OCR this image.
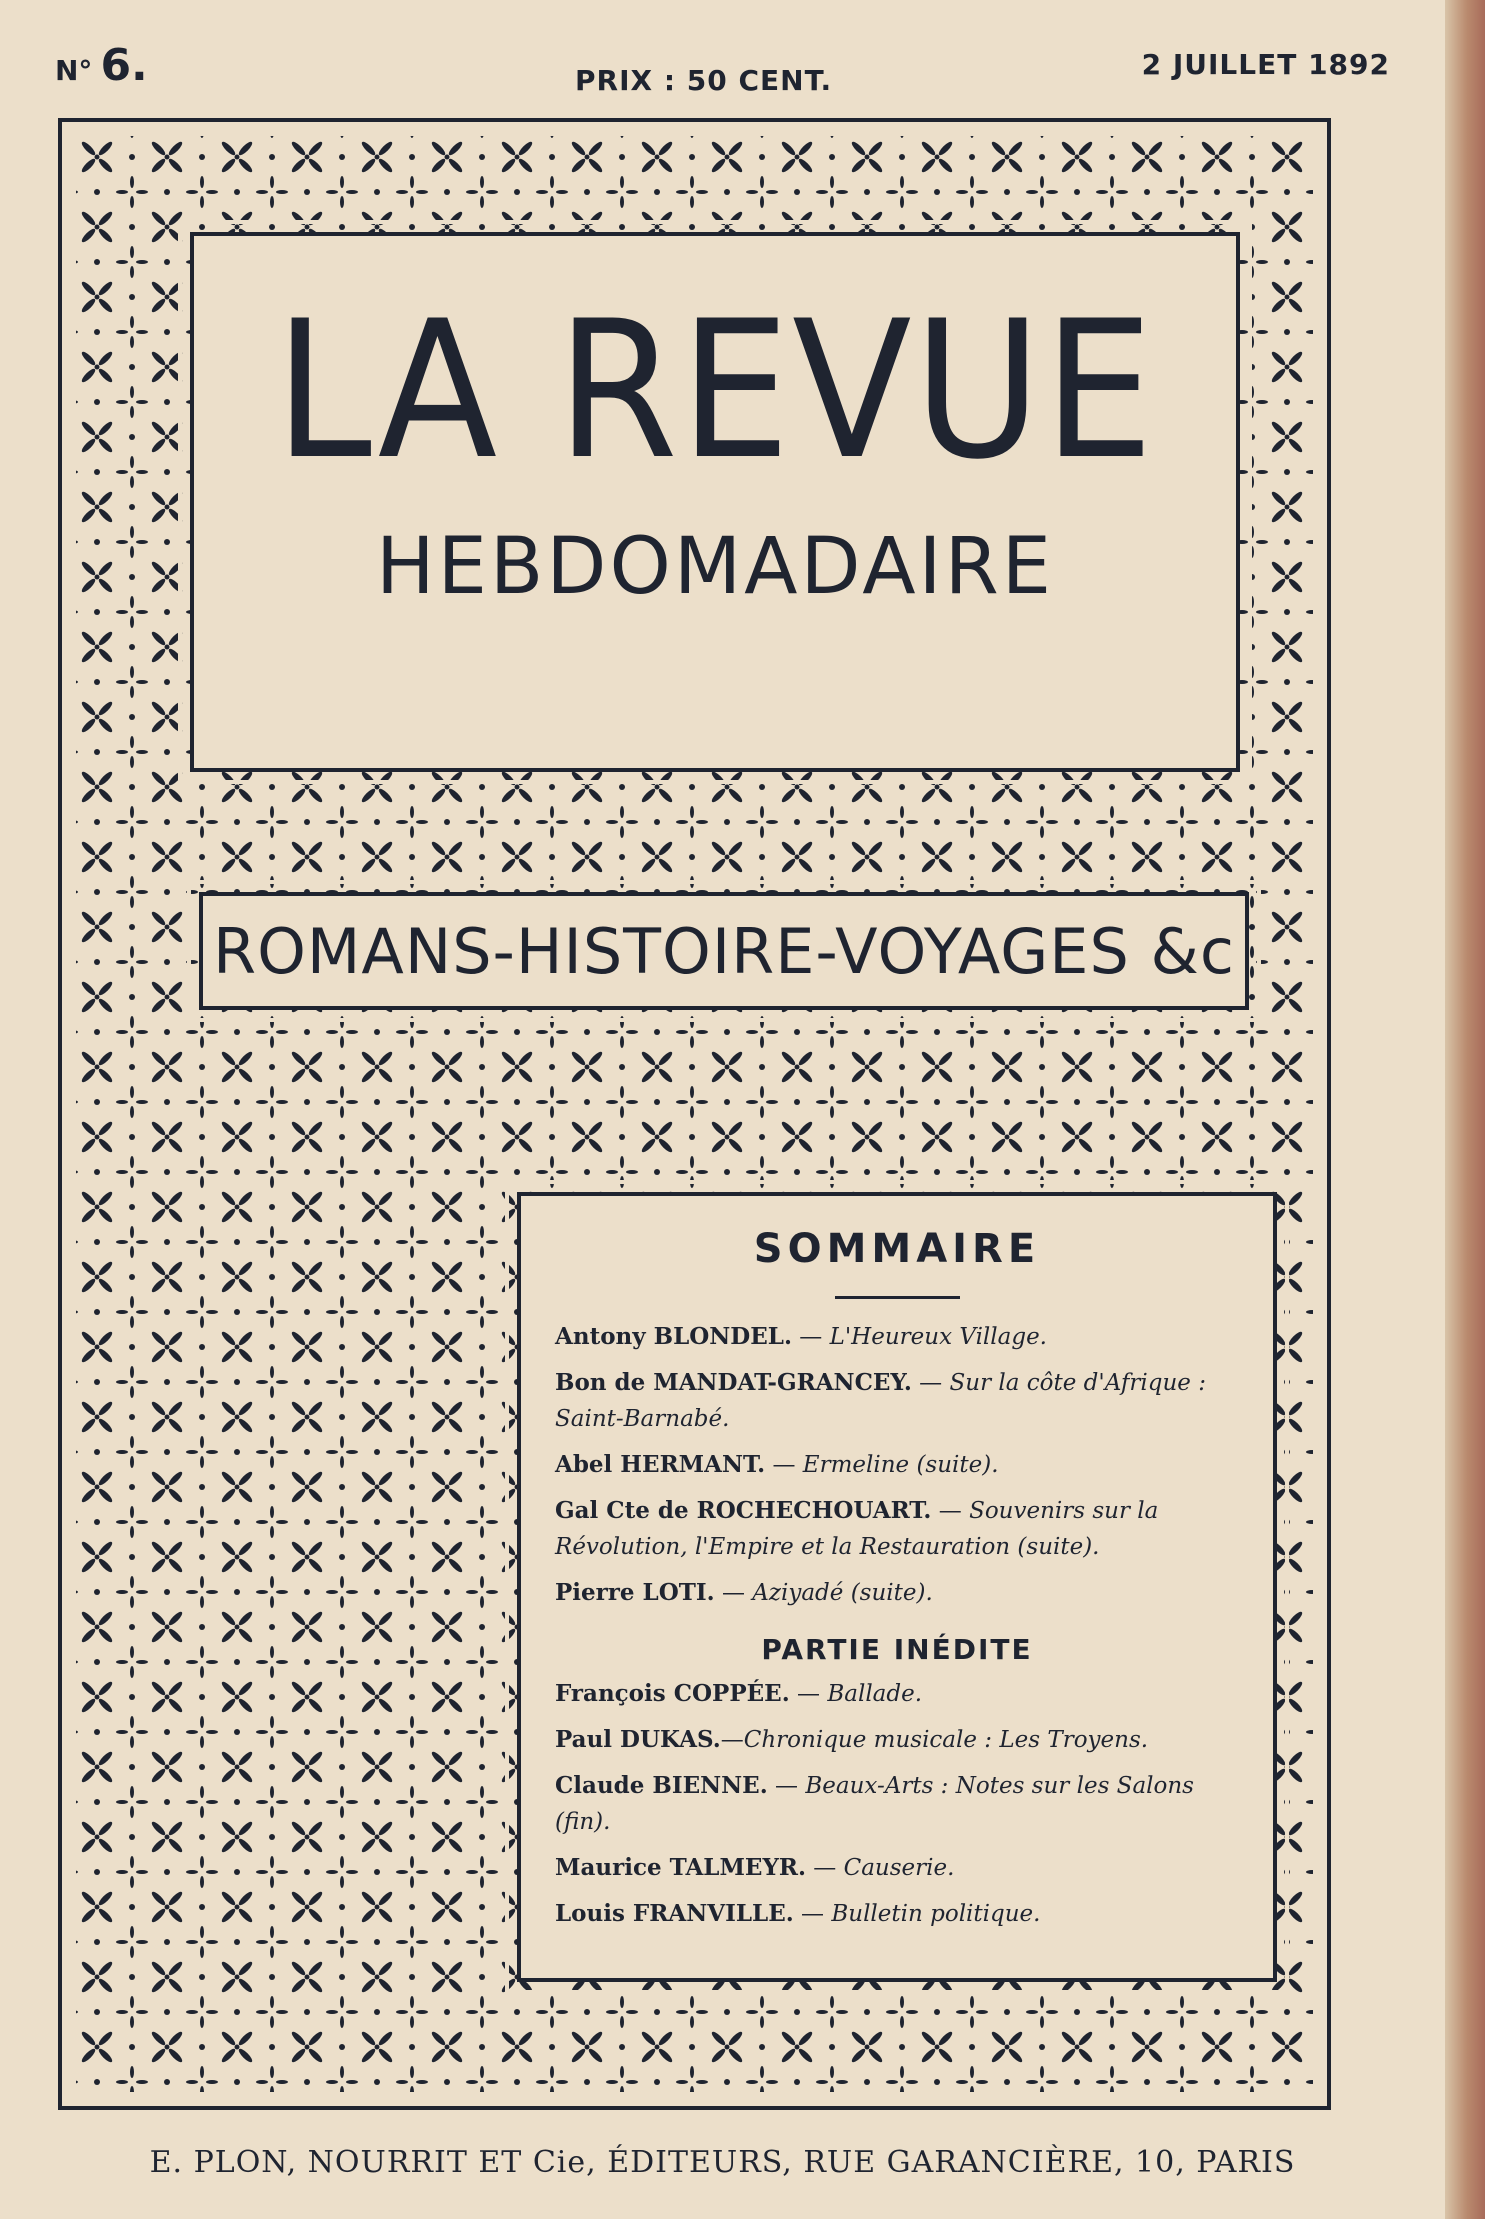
N° 6.	PRIX : 50 CENT.	2 JUILLET 1892
LA REVUE
HEBDOMADAIRE
ROMANS-HISTOIRE-VOYAGES &c
SOMMAIRE
Antony BLONDEL. — L'Heureux Village.
Bon de MANDAT-GRANCEY. — Sur la côte d'Afrique : Saint-Barnabé.
Abel HERMANT. — Ermeline (suite).
Gal Cte de ROCHECHOUART. — Souvenirs sur la Révolution, l'Empire et la Restauration (suite).
Pierre LOTI. — Aziyadé (suite).
PARTIE INÉDITE
François COPPÉE. — Ballade.
Paul DUKAS.—Chronique musicale : Les Troyens.
Claude BIENNE. — Beaux-Arts : Notes sur les Salons (fin).
Maurice TALMEYR. — Causerie.
Louis FRANVILLE. — Bulletin politique.
E. PLON, NOURRIT ET Cie, ÉDITEURS, RUE GARANCIÈRE, 10, PARIS
